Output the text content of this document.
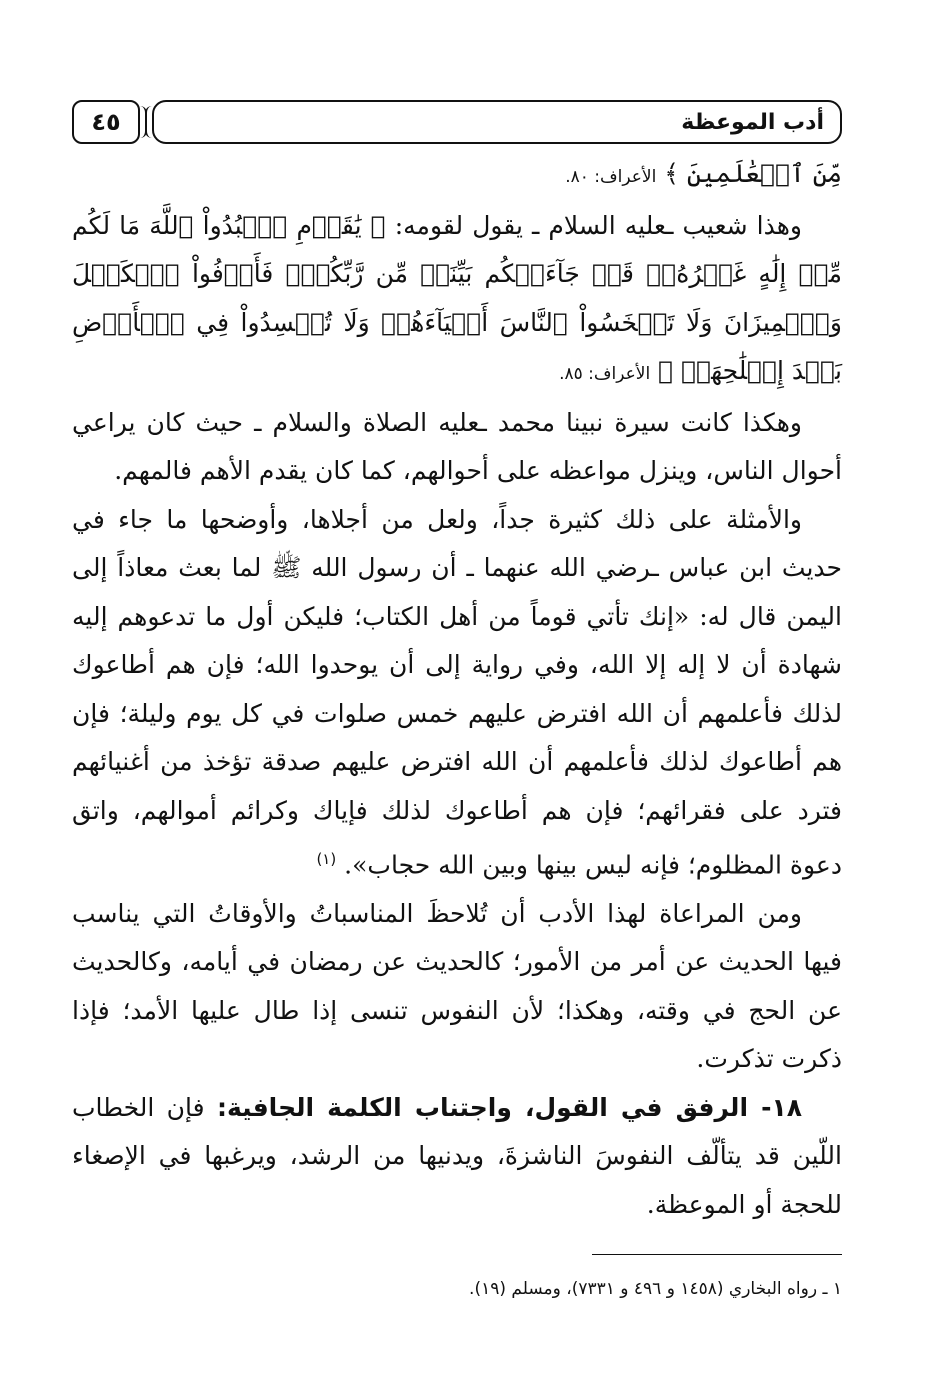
٤٥	أدب الموعظة

مِّنَ ٱلۡعَٰلَمِينَ ﴾ الأعراف: ٨٠.

وهذا شعيب ـعليه السلام ـ يقول لقومه: ﴿ يَٰقَوۡمِ ٱعۡبُدُواْ ٱللَّهَ مَا لَكُم مِّنۡ إِلَٰهٍ غَيۡرُهُۥۖ قَدۡ جَآءَتۡكُم بَيِّنَةٞ مِّن رَّبِّكُمۡۖ فَأَوۡفُواْ ٱلۡكَيۡلَ وَٱلۡمِيزَانَ وَلَا تَبۡخَسُواْ ٱلنَّاسَ أَشۡيَآءَهُمۡ وَلَا تُفۡسِدُواْ فِي ٱلۡأَرۡضِ بَعۡدَ إِصۡلَٰحِهَاۚ ﴾ الأعراف: ٨٥.

وهكذا كانت سيرة نبينا محمد ـعليه الصلاة والسلام ـ حيث كان يراعي أحوال الناس، وينزل مواعظه على أحوالهم، كما كان يقدم الأهم فالمهم.

والأمثلة على ذلك كثيرة جداً، ولعل من أجلاها، وأوضحها ما جاء في حديث ابن عباس ـرضي الله عنهما ـ أن رسول الله ﷺ لما بعث معاذاً إلى اليمن قال له: «إنك تأتي قوماً من أهل الكتاب؛ فليكن أول ما تدعوهم إليه شهادة أن لا إله إلا الله، وفي رواية إلى أن يوحدوا الله؛ فإن هم أطاعوك لذلك فأعلمهم أن الله افترض عليهم خمس صلوات في كل يوم وليلة؛ فإن هم أطاعوك لذلك فأعلمهم أن الله افترض عليهم صدقة تؤخذ من أغنيائهم فترد على فقرائهم؛ فإن هم أطاعوك لذلك فإياك وكرائم أموالهم، واتق دعوة المظلوم؛ فإنه ليس بينها وبين الله حجاب». $^{(١)}$

ومن المراعاة لهذا الأدب أن تُلاحظَ المناسباتُ والأوقاتُ التي يناسب فيها الحديث عن أمر من الأمور؛ كالحديث عن رمضان في أيامه، وكالحديث عن الحج في وقته، وهكذا؛ لأن النفوس تنسى إذا طال عليها الأمد؛ فإذا ذكرت تذكرت.

١٨- الرفق في القول، واجتناب الكلمة الجافية: فإن الخطاب اللّين قد يتألّف النفوسَ الناشزةَ، ويدنيها من الرشد، ويرغبها في الإصغاء للحجة أو الموعظة.

١ ـ رواه البخاري (١٤٥٨ و ٤٩٦ و ٧٣٣١)، ومسلم (١٩).
